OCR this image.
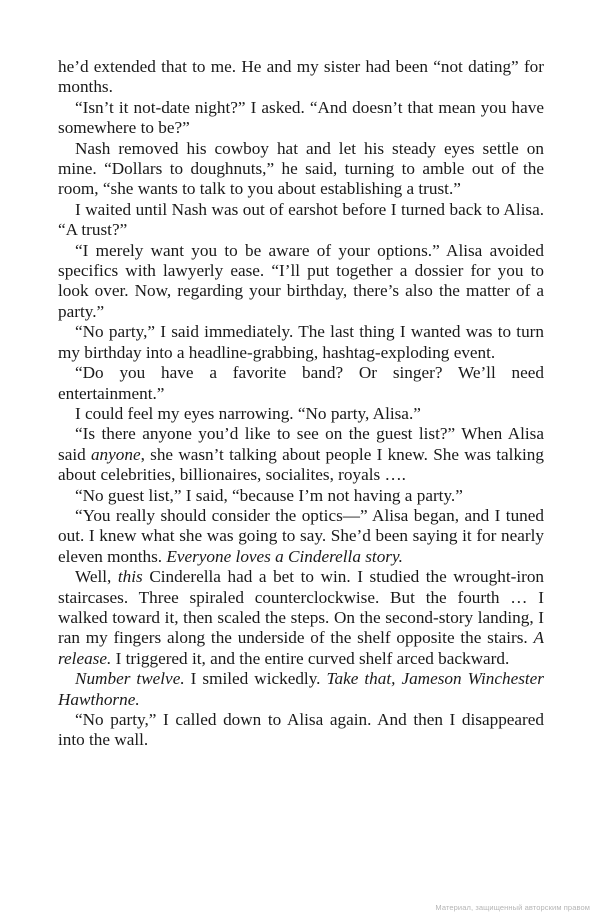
he’d extended that to me. He and my sister had been “not dating” for months.

“Isn’t it not-date night?” I asked. “And doesn’t that mean you have somewhere to be?”

Nash removed his cowboy hat and let his steady eyes settle on mine. “Dollars to doughnuts,” he said, turning to amble out of the room, “she wants to talk to you about establishing a trust.”

I waited until Nash was out of earshot before I turned back to Alisa. “A trust?”

“I merely want you to be aware of your options.” Alisa avoided specifics with lawyerly ease. “I’ll put together a dossier for you to look over. Now, regarding your birthday, there’s also the matter of a party.”

“No party,” I said immediately. The last thing I wanted was to turn my birthday into a headline-grabbing, hashtag-exploding event.

“Do you have a favorite band? Or singer? We’ll need entertainment.”

I could feel my eyes narrowing. “No party, Alisa.”

“Is there anyone you’d like to see on the guest list?” When Alisa said anyone, she wasn’t talking about people I knew. She was talking about celebrities, billionaires, socialites, royals ….

“No guest list,” I said, “because I’m not having a party.”

“You really should consider the optics—” Alisa began, and I tuned out. I knew what she was going to say. She’d been saying it for nearly eleven months. Everyone loves a Cinderella story.

Well, this Cinderella had a bet to win. I studied the wrought-iron staircases. Three spiraled counterclockwise. But the fourth … I walked toward it, then scaled the steps. On the second-story landing, I ran my fingers along the underside of the shelf opposite the stairs. A release. I triggered it, and the entire curved shelf arced backward.

Number twelve. I smiled wickedly. Take that, Jameson Winchester Hawthorne.

“No party,” I called down to Alisa again. And then I disappeared into the wall.

Материал, защищенный авторским правом
